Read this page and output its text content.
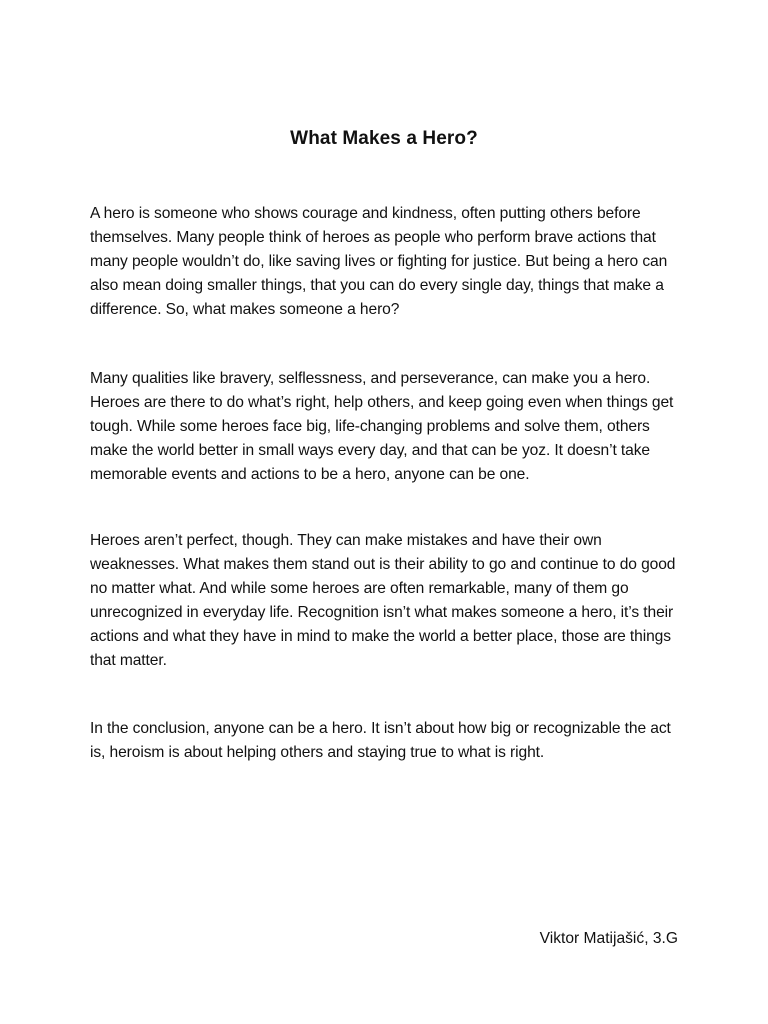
What Makes a Hero?

A hero is someone who shows courage and kindness, often putting others before themselves. Many people think of heroes as people who perform brave actions that many people wouldn’t do, like saving lives or fighting for justice. But being a hero can also mean doing smaller things, that you can do every single day, things that make a difference. So, what makes someone a hero?

Many qualities like bravery, selflessness, and perseverance, can make you a hero. Heroes are there to do what’s right, help others, and keep going even when things get tough. While some heroes face big, life-changing problems and solve them, others make the world better in small ways every day, and that can be yoz. It doesn’t take memorable events and actions to be a hero, anyone can be one.

Heroes aren’t perfect, though. They can make mistakes and have their own weaknesses. What makes them stand out is their ability to go and continue to do good no matter what. And while some heroes are often remarkable, many of them go unrecognized in everyday life. Recognition isn’t what makes someone a hero, it’s their actions and what they have in mind to make the world a better place, those are things that matter.

In the conclusion, anyone can be a hero. It isn’t about how big or recognizable the act is, heroism is about helping others and staying true to what is right.

Viktor Matijašić, 3.G
